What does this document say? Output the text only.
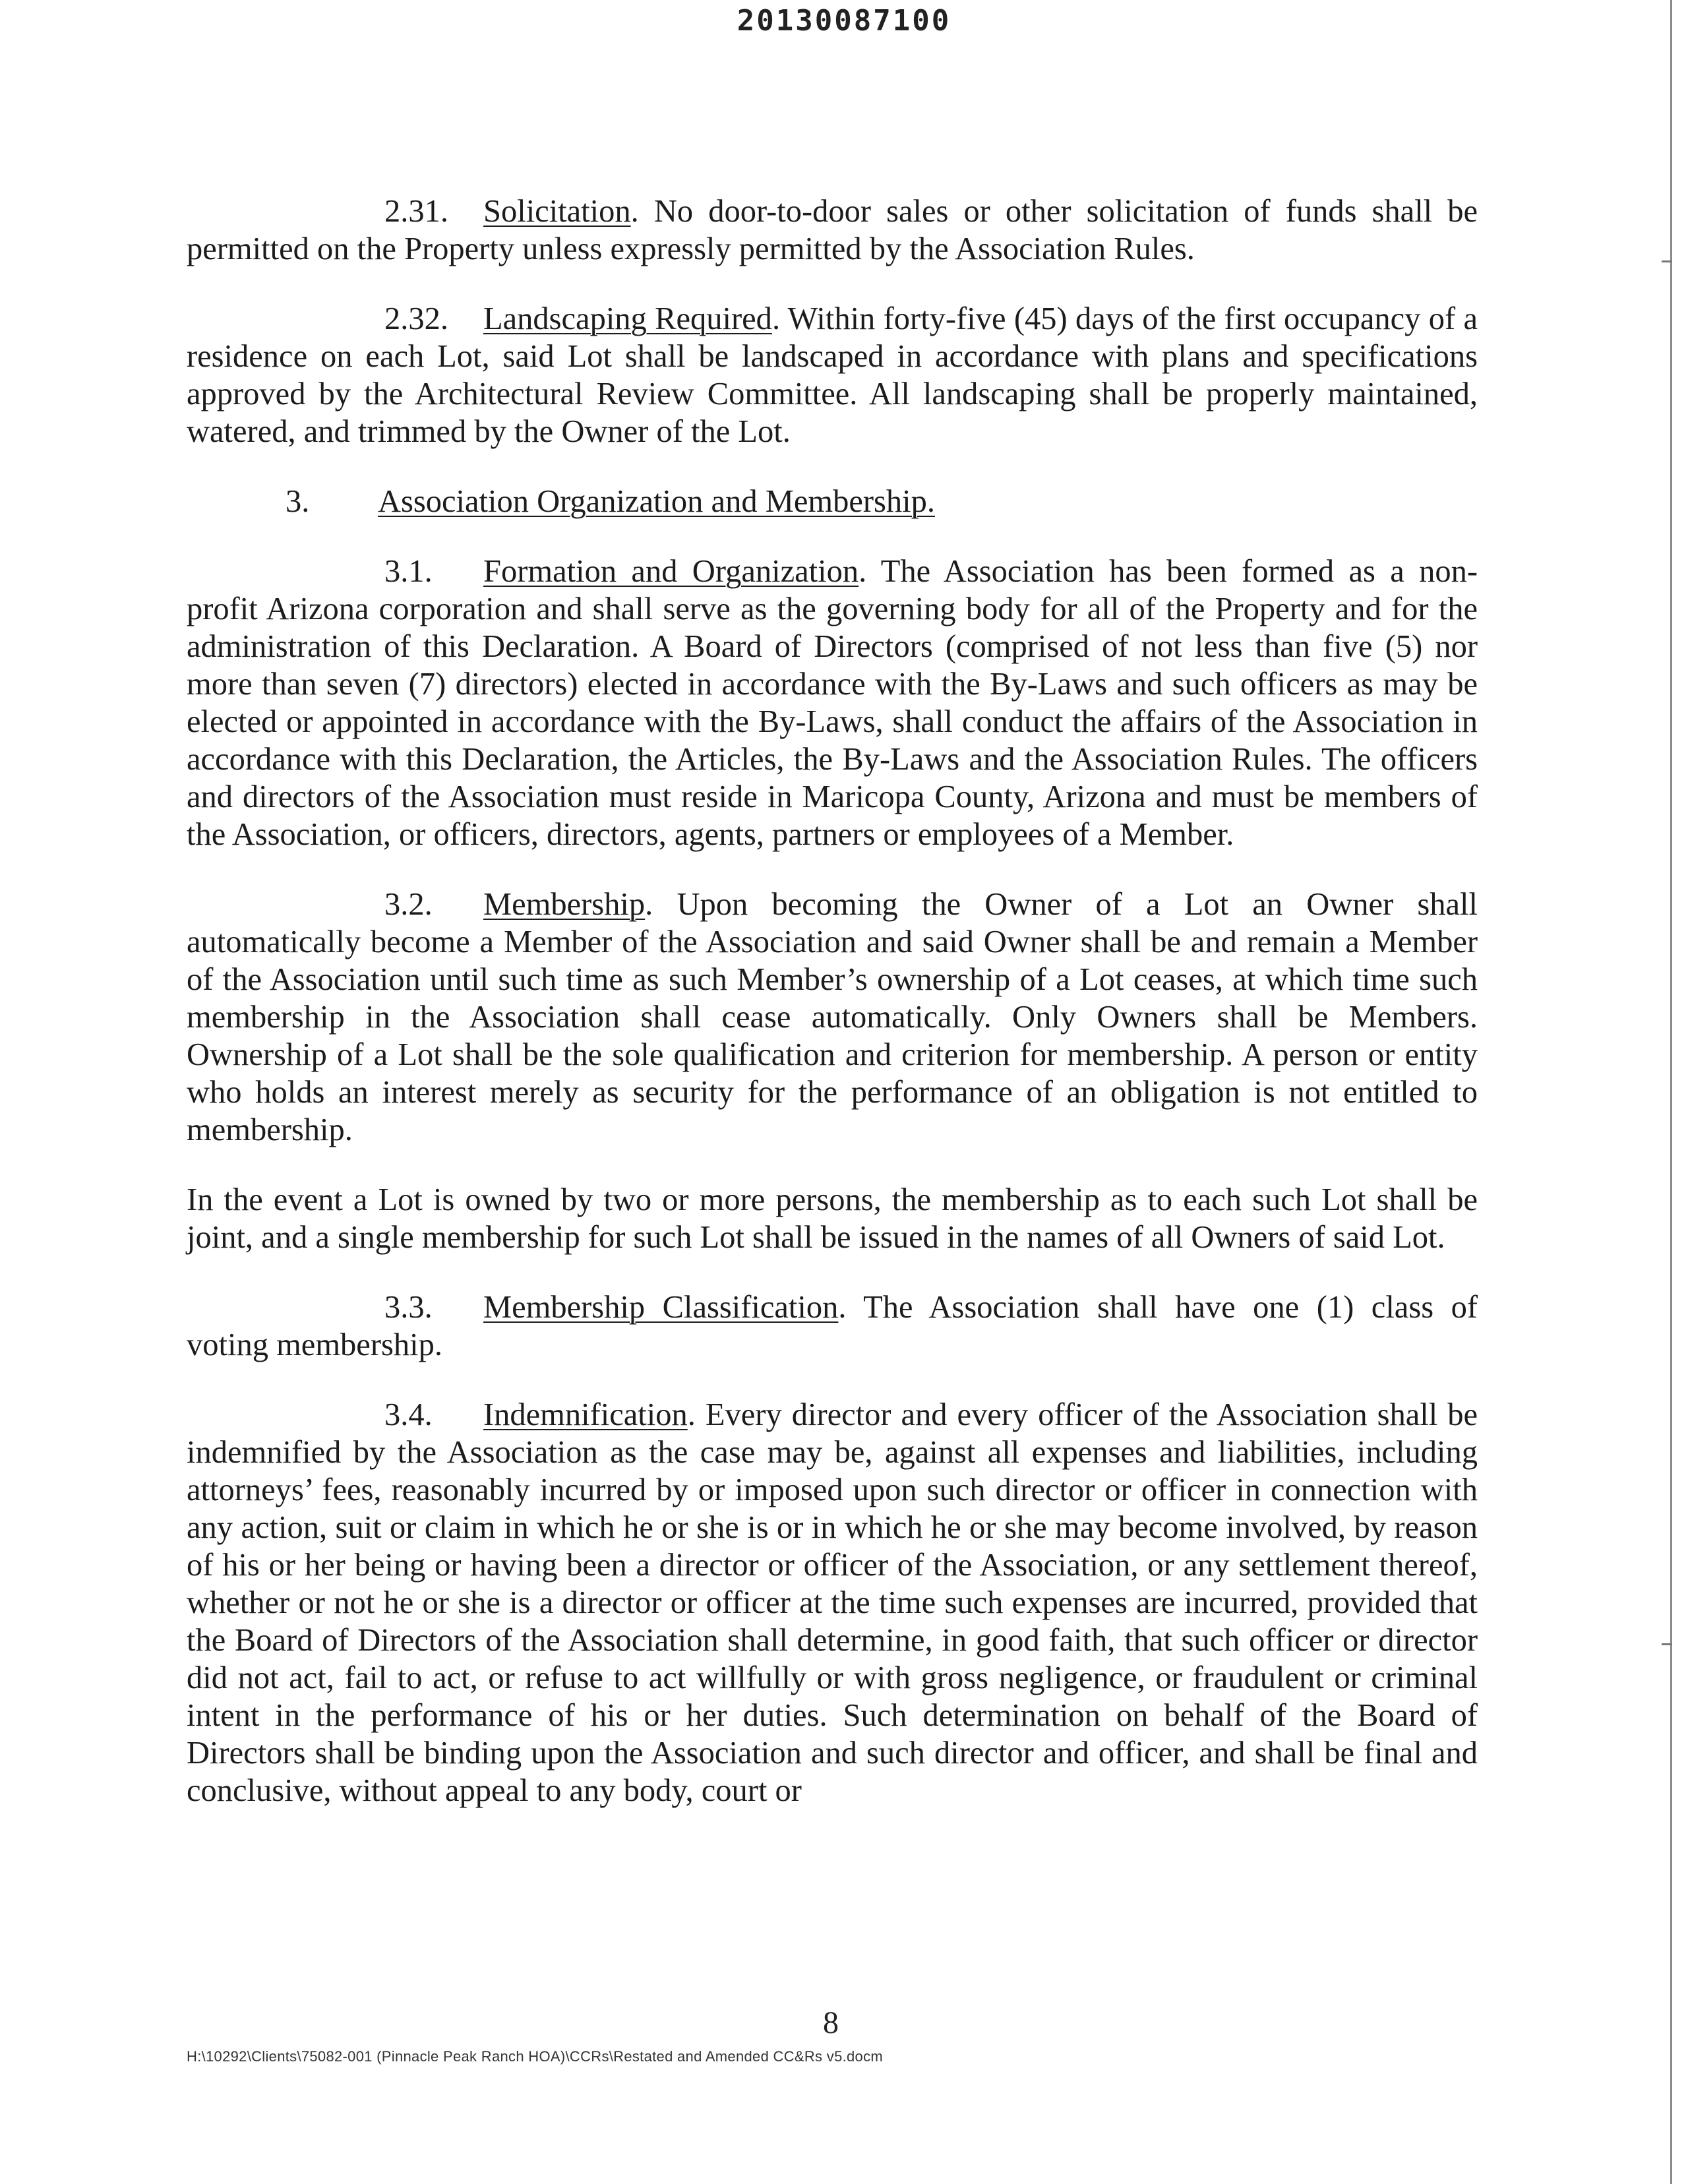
20130087100

2.31. Solicitation. No door-to-door sales or other solicitation of funds shall be permitted on the Property unless expressly permitted by the Association Rules.

2.32. Landscaping Required. Within forty-five (45) days of the first occupancy of a residence on each Lot, said Lot shall be landscaped in accordance with plans and specifications approved by the Architectural Review Committee. All landscaping shall be properly maintained, watered, and trimmed by the Owner of the Lot.

3. Association Organization and Membership.

3.1. Formation and Organization. The Association has been formed as a non-profit Arizona corporation and shall serve as the governing body for all of the Property and for the administration of this Declaration. A Board of Directors (comprised of not less than five (5) nor more than seven (7) directors) elected in accordance with the By-Laws and such officers as may be elected or appointed in accordance with the By-Laws, shall conduct the affairs of the Association in accordance with this Declaration, the Articles, the By-Laws and the Association Rules. The officers and directors of the Association must reside in Maricopa County, Arizona and must be members of the Association, or officers, directors, agents, partners or employees of a Member.

3.2. Membership. Upon becoming the Owner of a Lot an Owner shall automatically become a Member of the Association and said Owner shall be and remain a Member of the Association until such time as such Member’s ownership of a Lot ceases, at which time such membership in the Association shall cease automatically. Only Owners shall be Members. Ownership of a Lot shall be the sole qualification and criterion for membership. A person or entity who holds an interest merely as security for the performance of an obligation is not entitled to membership.

In the event a Lot is owned by two or more persons, the membership as to each such Lot shall be joint, and a single membership for such Lot shall be issued in the names of all Owners of said Lot.

3.3. Membership Classification. The Association shall have one (1) class of voting membership.

3.4. Indemnification. Every director and every officer of the Association shall be indemnified by the Association as the case may be, against all expenses and liabilities, including attorneys’ fees, reasonably incurred by or imposed upon such director or officer in connection with any action, suit or claim in which he or she is or in which he or she may become involved, by reason of his or her being or having been a director or officer of the Association, or any settlement thereof, whether or not he or she is a director or officer at the time such expenses are incurred, provided that the Board of Directors of the Association shall determine, in good faith, that such officer or director did not act, fail to act, or refuse to act willfully or with gross negligence, or fraudulent or criminal intent in the performance of his or her duties. Such determination on behalf of the Board of Directors shall be binding upon the Association and such director and officer, and shall be final and conclusive, without appeal to any body, court or

8
H:\10292\Clients\75082-001 (Pinnacle Peak Ranch HOA)\CCRs\Restated and Amended CC&Rs v5.docm
